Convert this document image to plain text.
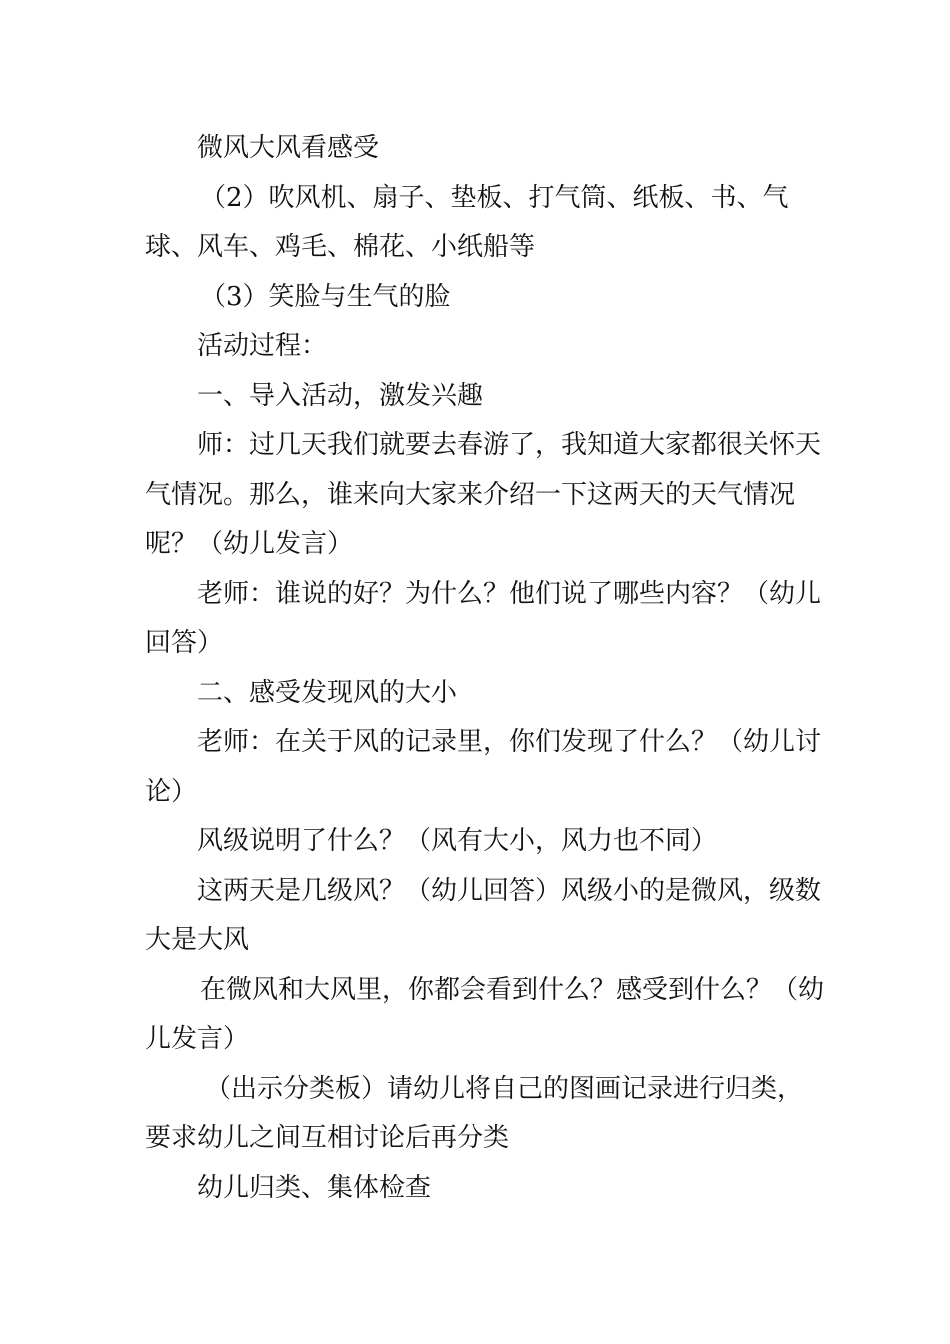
微风大风看感受

（2）吹风机、扇子、垫板、打气筒、纸板、书、气球、风车、鸡毛、棉花、小纸船等

（3）笑脸与生气的脸

活动过程：

一、导入活动，激发兴趣

师：过几天我们就要去春游了，我知道大家都很关怀天气情况。那么，谁来向大家来介绍一下这两天的天气情况呢？（幼儿发言）

老师：谁说的好？为什么？他们说了哪些内容？（幼儿回答）

二、感受发现风的大小

老师：在关于风的记录里，你们发现了什么？（幼儿讨论）

风级说明了什么？（风有大小，风力也不同）

这两天是几级风？（幼儿回答）风级小的是微风，级数大是大风

在微风和大风里，你都会看到什么？感受到什么？（幼儿发言）

（出示分类板）请幼儿将自己的图画记录进行归类，要求幼儿之间互相讨论后再分类

幼儿归类、集体检查
